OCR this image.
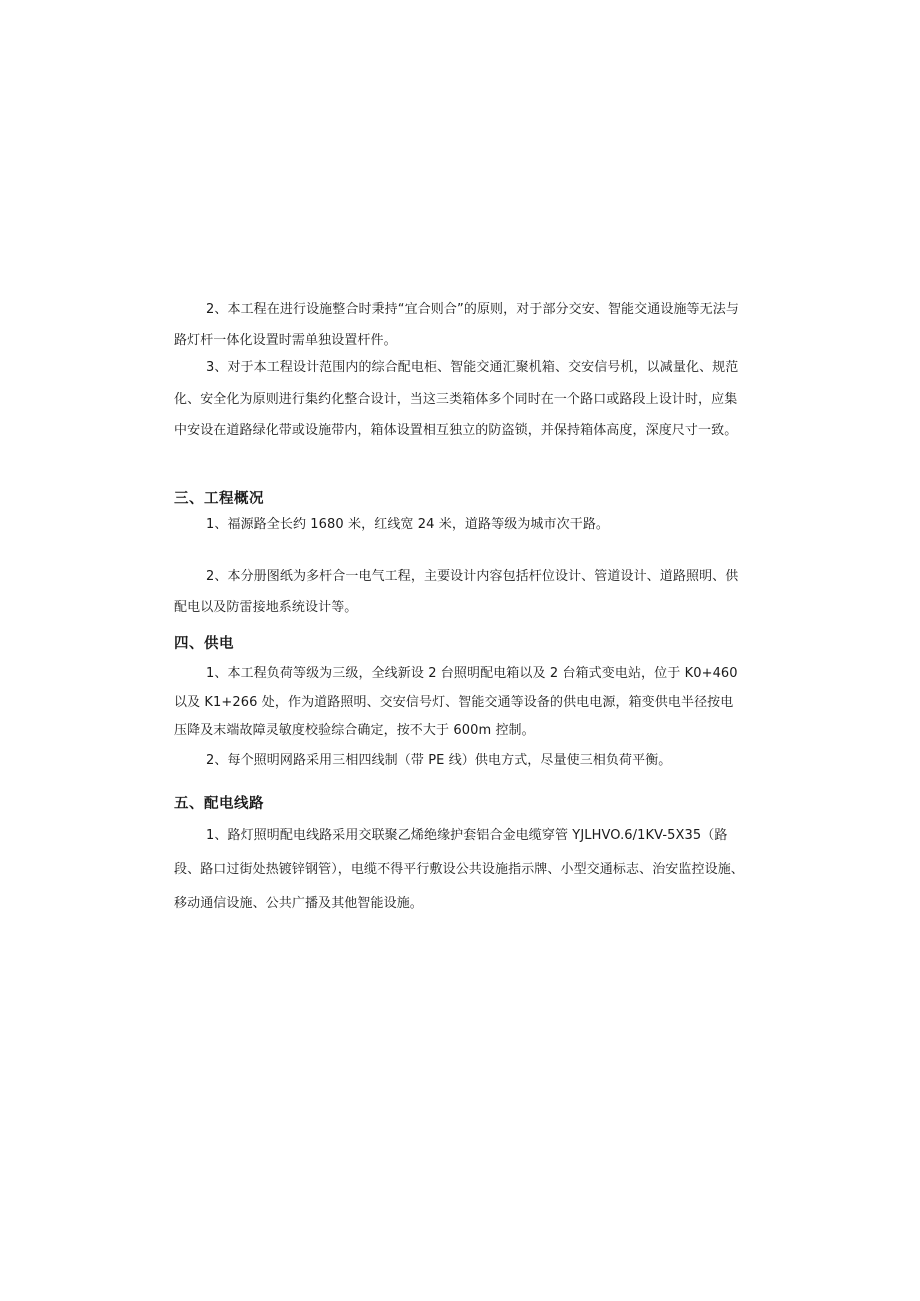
2、本工程在进行设施整合时秉持“宜合则合”的原则，对于部分交安、智能交通设施等无法与路灯杆一体化设置时需单独设置杆件。

3、对于本工程设计范围内的综合配电柜、智能交通汇聚机箱、交安信号机，以减量化、规范化、安全化为原则进行集约化整合设计，当这三类箱体多个同时在一个路口或路段上设计时，应集中安设在道路绿化带或设施带内，箱体设置相互独立的防盗锁，并保持箱体高度，深度尺寸一致。

三、工程概况

1、福源路全长约 1680 米，红线宽 24 米，道路等级为城市次干路。

2、本分册图纸为多杆合一电气工程，主要设计内容包括杆位设计、管道设计、道路照明、供配电以及防雷接地系统设计等。

四、供电

1、本工程负荷等级为三级，全线新设 2 台照明配电箱以及 2 台箱式变电站，位于 K0+460 以及 K1+266 处，作为道路照明、交安信号灯、智能交通等设备的供电电源，箱变供电半径按电压降及末端故障灵敏度校验综合确定，按不大于 600m 控制。

2、每个照明网路采用三相四线制（带 PE 线）供电方式，尽量使三相负荷平衡。

五、配电线路

1、路灯照明配电线路采用交联聚乙烯绝缘护套铝合金电缆穿管 YJLHVO.6/1KV-5X35（路段、路口过街处热镀锌钢管），电缆不得平行敷设公共设施指示牌、小型交通标志、治安监控设施、移动通信设施、公共广播及其他智能设施。
